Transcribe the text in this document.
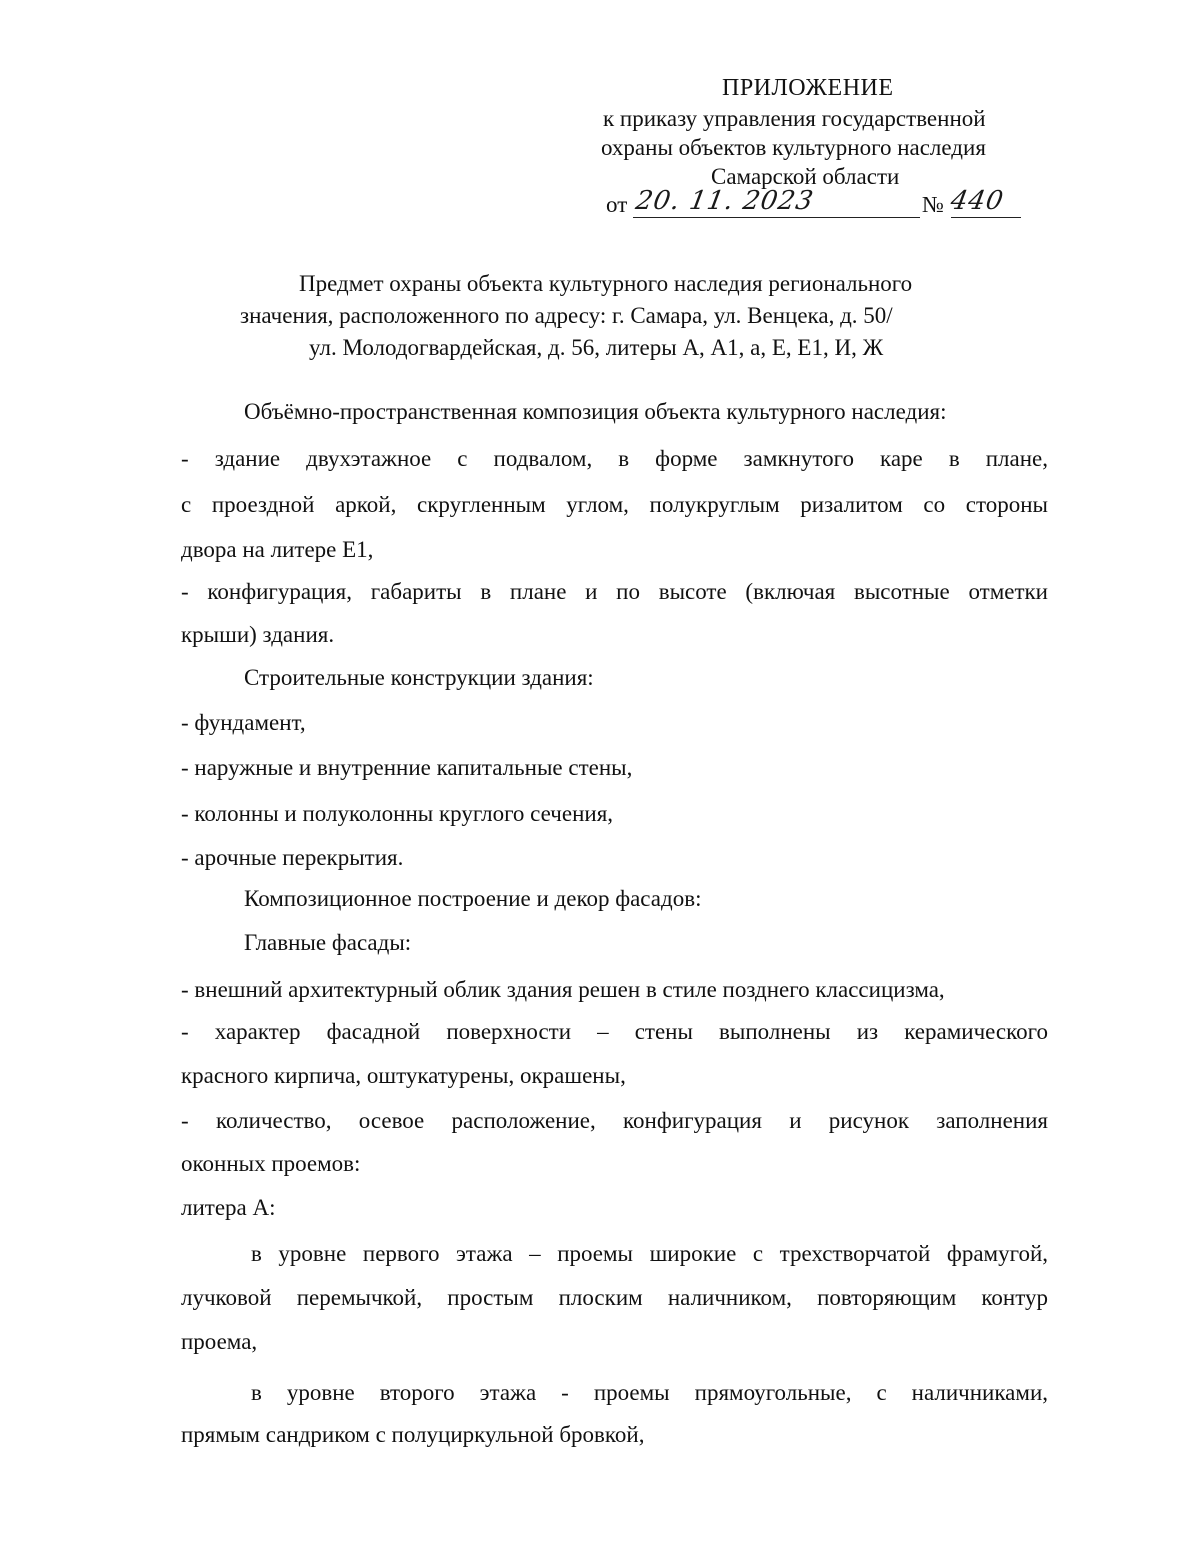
ПРИЛОЖЕНИЕ
к приказу управления государственной
охраны объектов культурного наследия
Самарской области
от 20. 11. 2023	№ 440
Предмет охраны объекта культурного наследия регионального
значения, расположенного по адресу: г. Самара, ул. Венцека, д. 50/
ул. Молодогвардейская, д. 56, литеры А, А1, а, Е, Е1, И, Ж
Объёмно-пространственная композиция объекта культурного наследия:
- здание двухэтажное с подвалом, в форме замкнутого каре в плане,
с проездной аркой, скругленным углом, полукруглым ризалитом со стороны
двора на литере Е1,
- конфигурация, габариты в плане и по высоте (включая высотные отметки
крыши) здания.
Строительные конструкции здания:
- фундамент,
- наружные и внутренние капитальные стены,
- колонны и полуколонны круглого сечения,
- арочные перекрытия.
Композиционное построение и декор фасадов:
Главные фасады:
- внешний архитектурный облик здания решен в стиле позднего классицизма,
- характер фасадной поверхности – стены выполнены из керамического
красного кирпича, оштукатурены, окрашены,
- количество, осевое расположение, конфигурация и рисунок заполнения
оконных проемов:
литера А:
в уровне первого этажа – проемы широкие с трехстворчатой фрамугой,
лучковой перемычкой, простым плоским наличником, повторяющим контур
проема,
в уровне второго этажа - проемы прямоугольные, с наличниками,
прямым сандриком с полуциркульной бровкой,
